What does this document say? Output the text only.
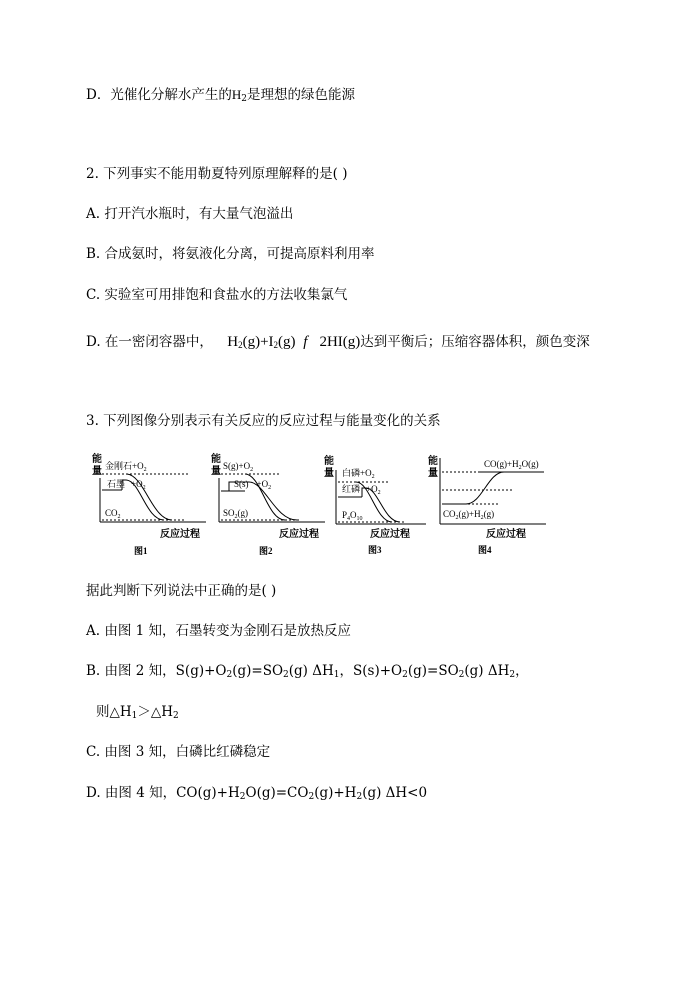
D．光催化分解水产生的$H_2$是理想的绿色能源
2. 下列事实不能用勒夏特列原理解释的是( )
A. 打开汽水瓶时，有大量气泡溢出
B. 合成氨时，将氨液化分离，可提高原料利用率
C. 实验室可用排饱和食盐水的方法收集氯气
D. 在一密闭容器中， $H_2(g)+I_2(g)$ f 2HI(g)达到平衡后；压缩容器体积，颜色变深
3. 下列图像分别表示有关反应的反应过程与能量变化的关系
能
量 金刚石$+O_2$
石墨 $+O_2$
$CO_2$
反应过程
图1
能
量 $S(g)+O_2$
$S(s) +O_2$
$SO_2(g)$
反应过程
图2
能
量 白磷$+O_2$
红磷 $+O_2$
$P_4O_{10}$
反应过程
图3
能
量
$CO(g)+H_2O(g)$
$CO_2(g)+H_2(g)$
反应过程
图4
据此判断下列说法中正确的是( )
A. 由图 1 知，石墨转变为金刚石是放热反应
B. 由图 2 知，$S(g)+O_2(g)=SO_2(g)$ $\Delta H_1$，$S(s)+O_2(g)=SO_2(g)$ $\Delta H_2$，
则$\triangle H_1>\triangle H_2$
C. 由图 3 知，白磷比红磷稳定
D. 由图 4 知，$CO(g)+H_2O(g)=CO_2(g)+H_2(g)$ ΔH<0
